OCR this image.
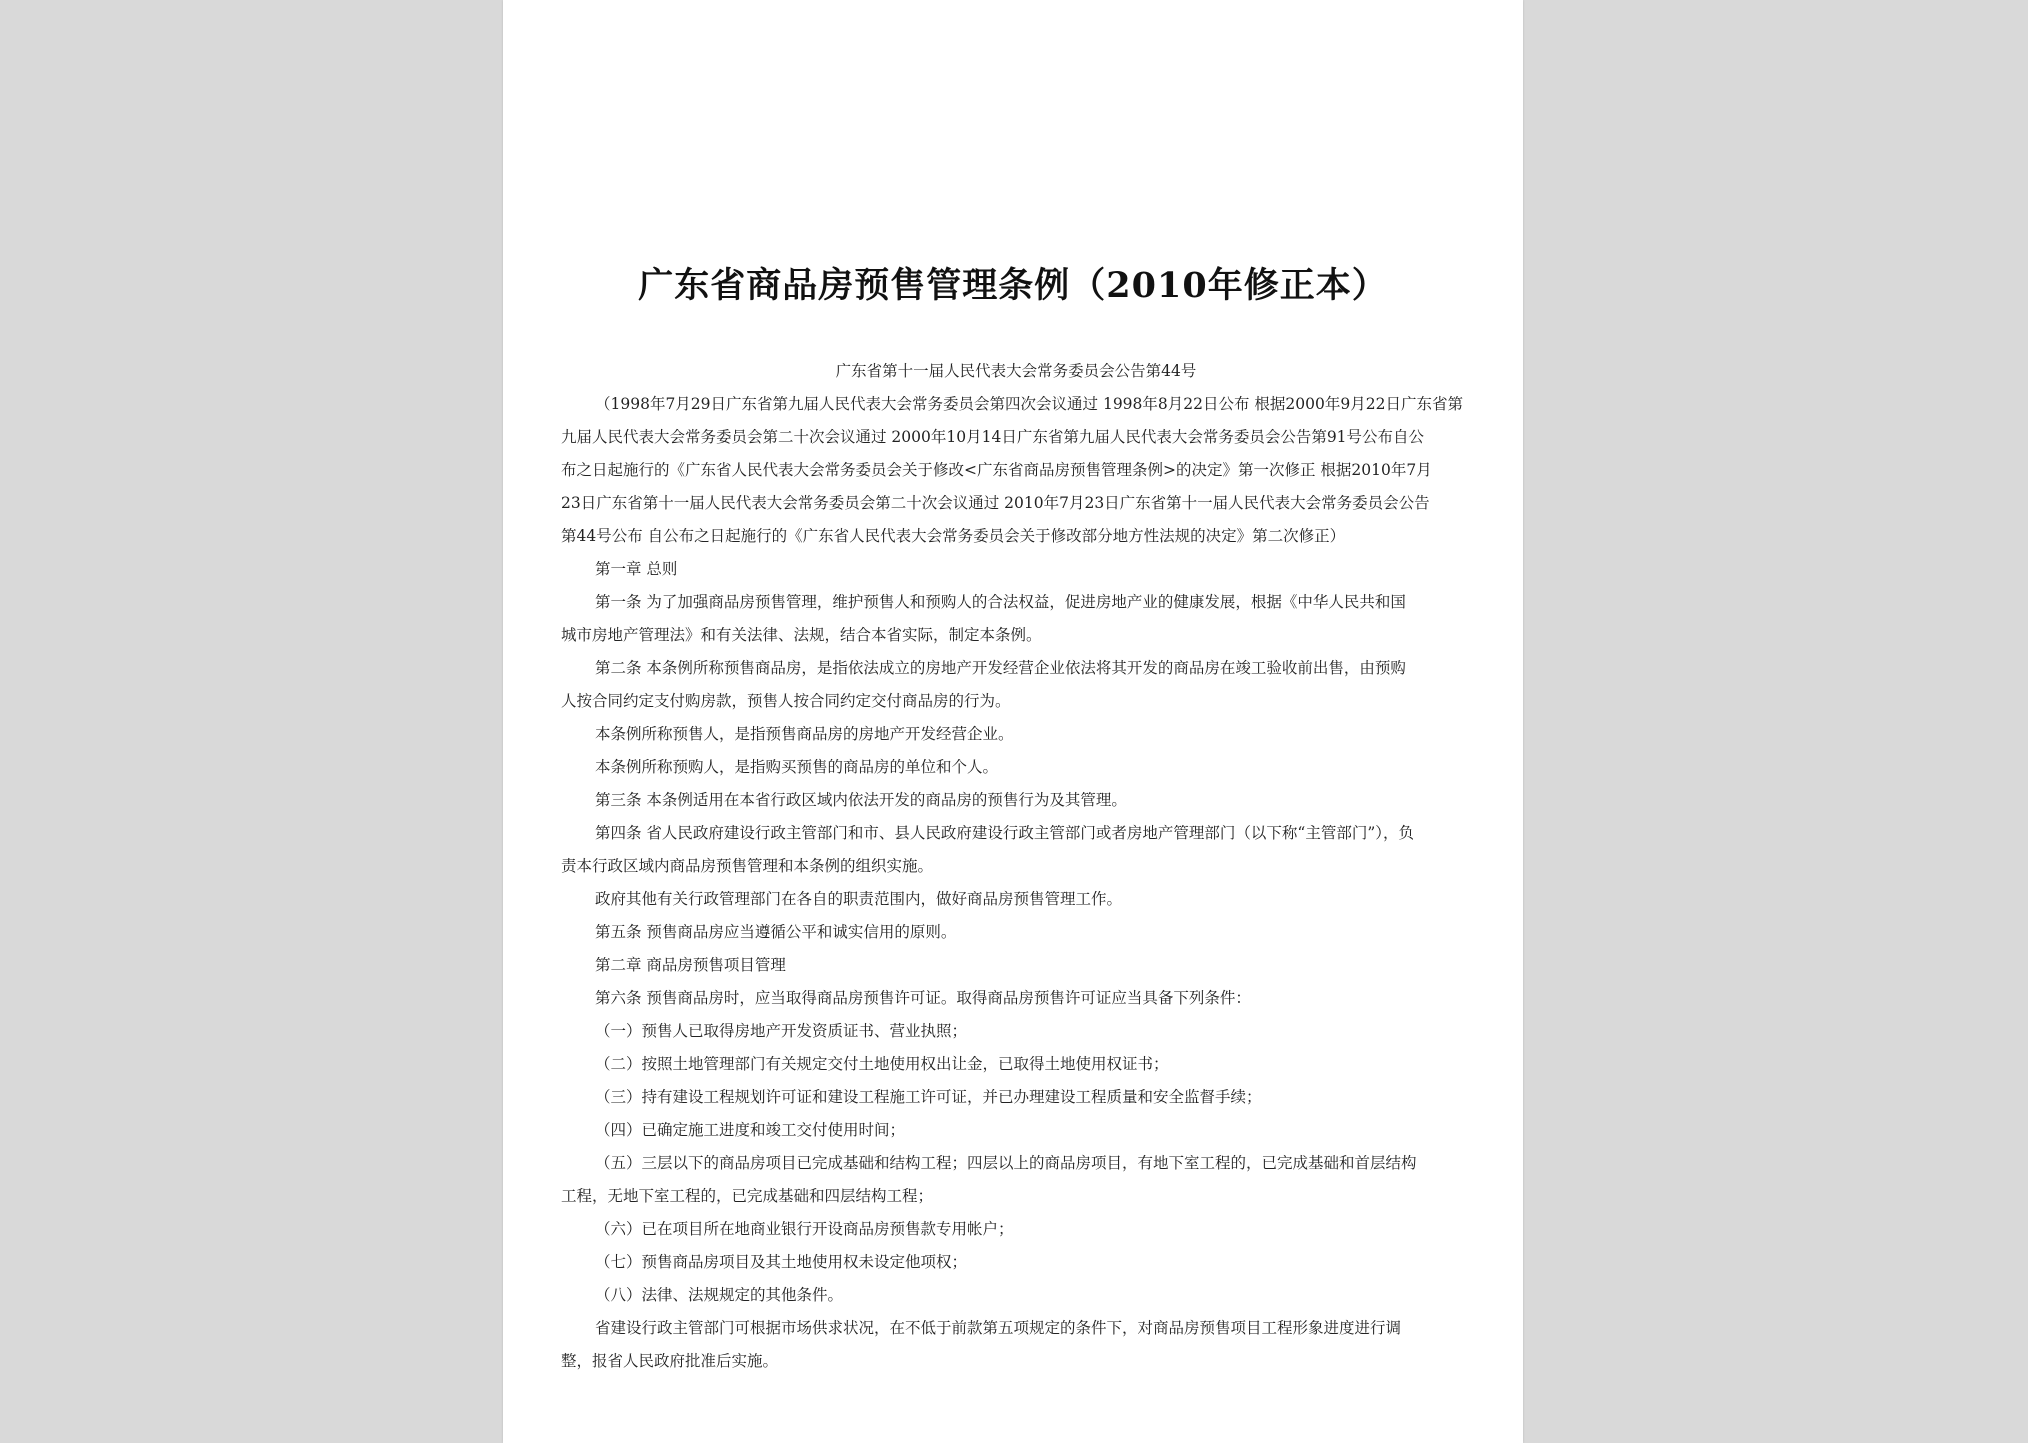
广东省商品房预售管理条例（2010年修正本）

广东省第十一届人民代表大会常务委员会公告第44号

（1998年7月29日广东省第九届人民代表大会常务委员会第四次会议通过 1998年8月22日公布 根据2000年9月22日广东省第

九届人民代表大会常务委员会第二十次会议通过 2000年10月14日广东省第九届人民代表大会常务委员会公告第91号公布自公

布之日起施行的《广东省人民代表大会常务委员会关于修改<广东省商品房预售管理条例>的决定》第一次修正 根据2010年7月

23日广东省第十一届人民代表大会常务委员会第二十次会议通过 2010年7月23日广东省第十一届人民代表大会常务委员会公告

第44号公布 自公布之日起施行的《广东省人民代表大会常务委员会关于修改部分地方性法规的决定》第二次修正）

第一章 总则

第一条 为了加强商品房预售管理，维护预售人和预购人的合法权益，促进房地产业的健康发展，根据《中华人民共和国

城市房地产管理法》和有关法律、法规，结合本省实际，制定本条例。

第二条 本条例所称预售商品房，是指依法成立的房地产开发经营企业依法将其开发的商品房在竣工验收前出售，由预购

人按合同约定支付购房款，预售人按合同约定交付商品房的行为。

本条例所称预售人，是指预售商品房的房地产开发经营企业。

本条例所称预购人，是指购买预售的商品房的单位和个人。

第三条 本条例适用在本省行政区域内依法开发的商品房的预售行为及其管理。

第四条 省人民政府建设行政主管部门和市、县人民政府建设行政主管部门或者房地产管理部门（以下称“主管部门”），负

责本行政区域内商品房预售管理和本条例的组织实施。

政府其他有关行政管理部门在各自的职责范围内，做好商品房预售管理工作。

第五条 预售商品房应当遵循公平和诚实信用的原则。

第二章 商品房预售项目管理

第六条 预售商品房时，应当取得商品房预售许可证。取得商品房预售许可证应当具备下列条件：

（一）预售人已取得房地产开发资质证书、营业执照；

（二）按照土地管理部门有关规定交付土地使用权出让金，已取得土地使用权证书；

（三）持有建设工程规划许可证和建设工程施工许可证，并已办理建设工程质量和安全监督手续；

（四）已确定施工进度和竣工交付使用时间；

（五）三层以下的商品房项目已完成基础和结构工程；四层以上的商品房项目，有地下室工程的，已完成基础和首层结构

工程，无地下室工程的，已完成基础和四层结构工程；

（六）已在项目所在地商业银行开设商品房预售款专用帐户；

（七）预售商品房项目及其土地使用权未设定他项权；

（八）法律、法规规定的其他条件。

省建设行政主管部门可根据市场供求状况，在不低于前款第五项规定的条件下，对商品房预售项目工程形象进度进行调

整，报省人民政府批准后实施。
